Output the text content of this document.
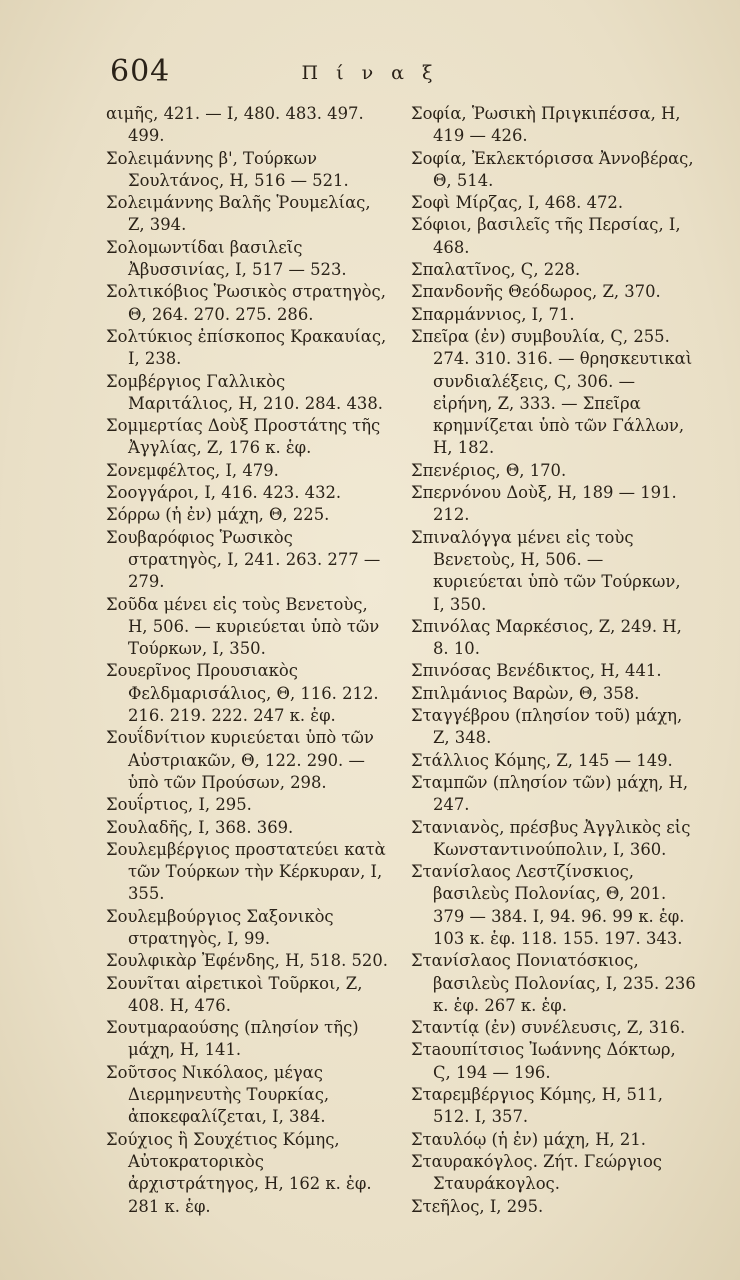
604	Π ί ν α ξ

αιμῆς, 421. — Ι, 480. 483. 497. 499.

Σολειμάννης β', Τούρκων Σουλτάνος, Η, 516 — 521.

Σολειμάννης Βαλῆς Ῥουμελίας, Ζ, 394.

Σολομωντίδαι βασιλεῖς Ἀβυσσινίας, Ι, 517 — 523.

Σολτικόβιος Ῥωσικὸς στρατηγὸς, Θ, 264. 270. 275. 286.

Σολτύκιος ἐπίσκοπος Κρακαυίας, Ι, 238.

Σομβέργιος Γαλλικὸς Μαριτάλιος, Η, 210. 284. 438.

Σομμερτίας Δοὺξ Προστάτης τῆς Ἀγγλίας, Ζ, 176 κ. ἑφ.

Σονεμφέλτος, Ι, 479.

Σοογγάροι, Ι, 416. 423. 432.

Σόρρω (ἡ ἐν) μάχη, Θ, 225.

Σουβαρόφιος Ῥωσικὸς στρατηγὸς, Ι, 241. 263. 277 — 279.

Σοῦδα μένει εἰς τοὺς Βενετοὺς, Η, 506. — κυριεύεται ὑπὸ τῶν Τούρκων, Ι, 350.

Σουερῖνος Προυσιακὸς Φελδμαρισάλιος, Θ, 116. 212. 216. 219. 222. 247 κ. ἑφ.

Σουΐδνίτιον κυριεύεται ὑπὸ τῶν Αὐστριακῶν, Θ, 122. 290. — ὑπὸ τῶν Προύσων, 298.

Σουΐρτιος, Ι, 295.

Σουλαδῆς, Ι, 368. 369.

Σουλεμβέργιος προστατεύει κατὰ τῶν Τούρκων τὴν Κέρκυραν, Ι, 355.

Σουλεμβούργιος Σαξονικὸς στρατηγὸς, Ι, 99.

Σουλφικὰρ Ἐφένδης, Η, 518. 520.

Σουνῖται αἱρετικοὶ Τοῦρκοι, Ζ, 408. Η, 476.

Σουτμαραούσης (πλησίον τῆς) μάχη, Η, 141.

Σοῦτσος Νικόλαος, μέγας Διερμηνευτὴς Τουρκίας, ἀποκεφαλίζεται, Ι, 384.

Σούχιος ἢ Σουχέτιος Κόμης, Αὐτοκρατορικὸς ἀρχιστράτηγος, Η, 162 κ. ἑφ. 281 κ. ἑφ.

Σοφία, Ῥωσικὴ Πριγκιπέσσα, Η, 419 — 426.

Σοφία, Ἐκλεκτόρισσα Ἀννοβέρας, Θ, 514.

Σοφὶ Μίρζας, Ι, 468. 472.

Σόφιοι, βασιλεῖς τῆς Περσίας, Ι, 468.

Σπαλατῖνος, Ϛ, 228.

Σπανδονῆς Θεόδωρος, Ζ, 370.

Σπαρμάννιος, Ι, 71.

Σπεῖρα (ἐν) συμβουλία, Ϛ, 255. 274. 310. 316. — θρησκευτικαὶ συνδιαλέξεις, Ϛ, 306. — εἰρήνη, Ζ, 333. — Σπεῖρα κρημνίζεται ὑπὸ τῶν Γάλλων, Η, 182.

Σπενέριος, Θ, 170.

Σπερνόνου Δοὺξ, Η, 189 — 191. 212.

Σπιναλόγγα μένει εἰς τοὺς Βενετοὺς, Η, 506. — κυριεύεται ὑπὸ τῶν Τούρκων, Ι, 350.

Σπινόλας Μαρκέσιος, Ζ, 249. Η, 8. 10.

Σπινόσας Βενέδικτος, Η, 441.

Σπιλμάνιος Βαρὼν, Θ, 358.

Σταγγέβρου (πλησίον τοῦ) μάχη, Ζ, 348.

Στάλλιος Κόμης, Ζ, 145 — 149.

Σταμπῶν (πλησίον τῶν) μάχη, Η, 247.

Στανιανὸς, πρέσβυς Ἀγγλικὸς εἰς Κωνσταντινούπολιν, Ι, 360.

Στανίσλαος Λεστζίνσκιος, βασιλεὺς Πολονίας, Θ, 201. 379 — 384. Ι, 94. 96. 99 κ. ἑφ. 103 κ. ἑφ. 118. 155. 197. 343.

Στανίσλαος Πονιατόσκιος, βασιλεὺς Πολονίας, Ι, 235. 236 κ. ἑφ. 267 κ. ἑφ.

Σταντίᾳ (ἐν) συνέλευσις, Ζ, 316.

Στaουπίτσιος Ἰωάννης Δόκτωρ, Ϛ, 194 — 196.

Σταρεμβέργιος Κόμης, Η, 511, 512. Ι, 357.

Σταυλόῳ (ἡ ἐν) μάχη, Η, 21.

Σταυρακόγλος. Ζήτ. Γεώργιος Σταυράκογλος.

Στεῆλος, Ι, 295.
